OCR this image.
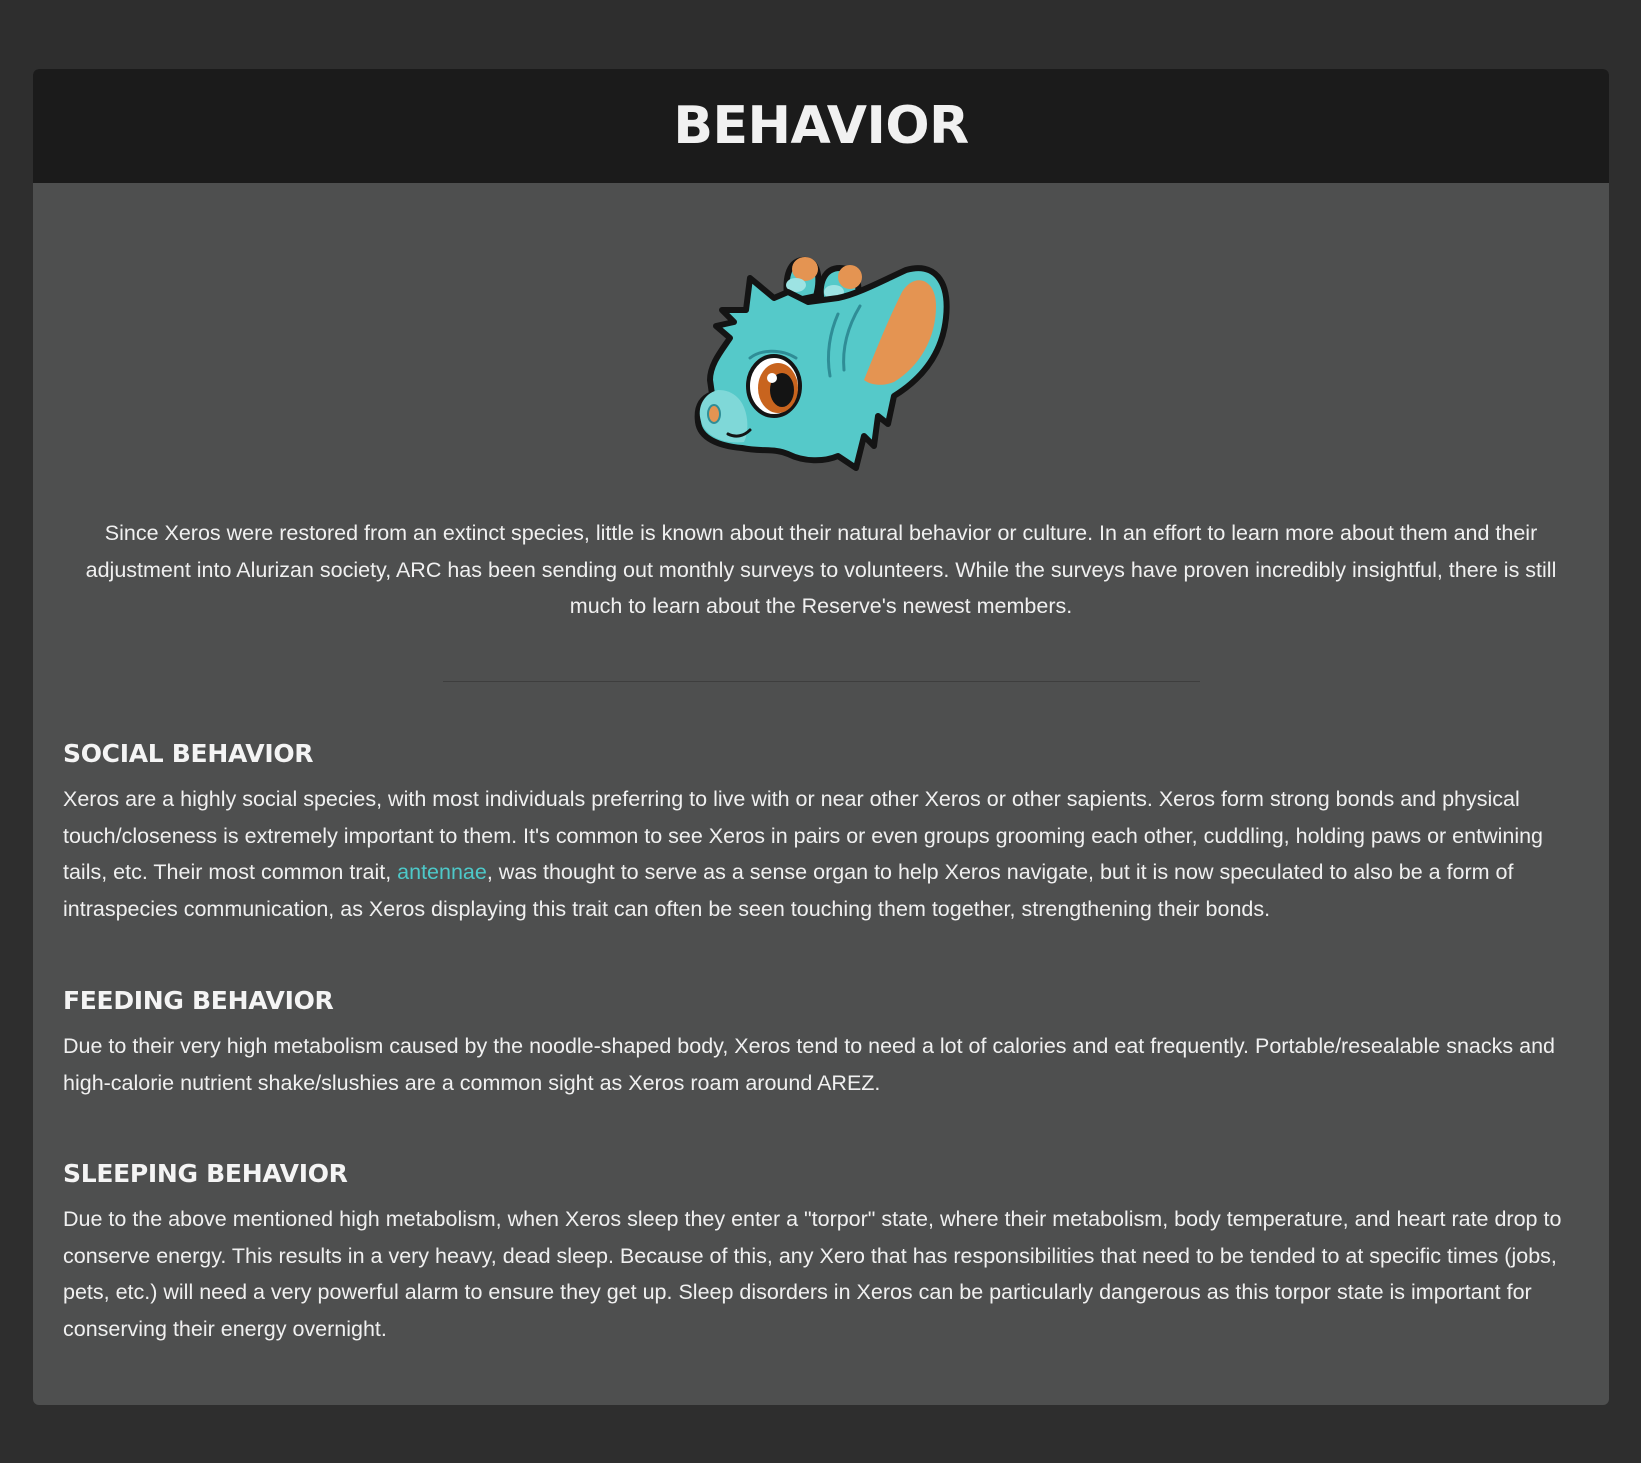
BEHAVIOR

Since Xeros were restored from an extinct species, little is known about their natural behavior or culture. In an effort to learn more about them and their adjustment into Alurizan society, ARC has been sending out monthly surveys to volunteers. While the surveys have proven incredibly insightful, there is still much to learn about the Reserve's newest members.

SOCIAL BEHAVIOR

Xeros are a highly social species, with most individuals preferring to live with or near other Xeros or other sapients. Xeros form strong bonds and physical touch/closeness is extremely important to them. It's common to see Xeros in pairs or even groups grooming each other, cuddling, holding paws or entwining tails, etc. Their most common trait, antennae, was thought to serve as a sense organ to help Xeros navigate, but it is now speculated to also be a form of intraspecies communication, as Xeros displaying this trait can often be seen touching them together, strengthening their bonds.

FEEDING BEHAVIOR

Due to their very high metabolism caused by the noodle-shaped body, Xeros tend to need a lot of calories and eat frequently. Portable/resealable snacks and high-calorie nutrient shake/slushies are a common sight as Xeros roam around AREZ.

SLEEPING BEHAVIOR

Due to the above mentioned high metabolism, when Xeros sleep they enter a "torpor" state, where their metabolism, body temperature, and heart rate drop to conserve energy. This results in a very heavy, dead sleep. Because of this, any Xero that has responsibilities that need to be tended to at specific times (jobs, pets, etc.) will need a very powerful alarm to ensure they get up. Sleep disorders in Xeros can be particularly dangerous as this torpor state is important for conserving their energy overnight.
